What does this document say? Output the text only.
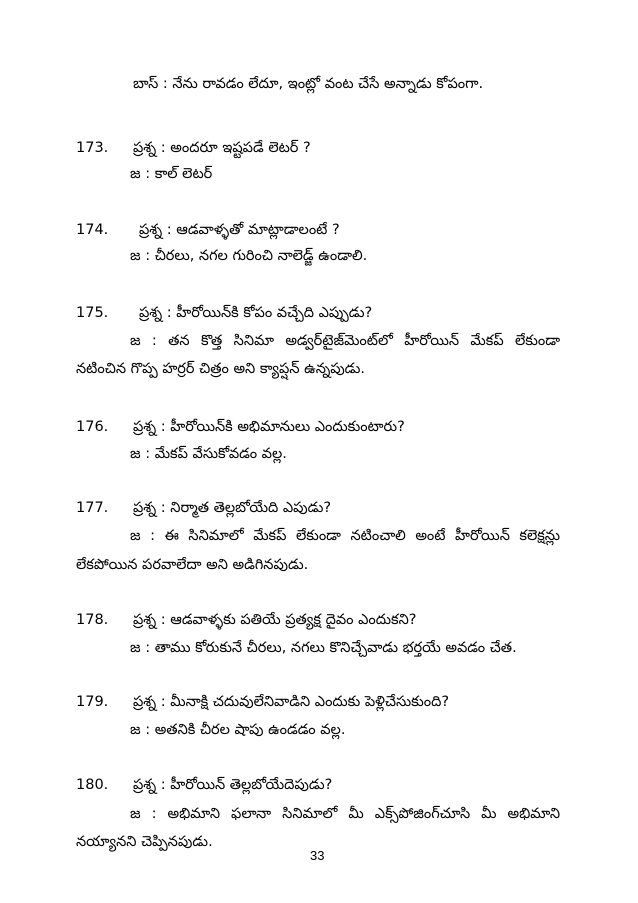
బాస్ : నేను రావడం లేదూ, ఇంట్లో వంట చేసే అన్నాడు కోపంగా.
173. ప్రశ్న : అందరూ ఇష్టపడే లెటర్ ?
జ : కాల్ లెటర్
174. ప్రశ్న : ఆడవాళ్ళతో మాట్లాడాలంటే ?
జ : చీరలు, నగల గురించి నాలెడ్జ్ ఉండాలి.
175. ప్రశ్న : హీరోయిన్‌కి కోపం వచ్చేది ఎప్పుడు?
జ : తన కొత్త సినిమా అడ్వర్‌టైజ్‌మెంట్‌లో హీరోయిన్ మేకప్ లేకుండా
నటించిన గొప్ప హర్రర్ చిత్రం అని క్యాప్షన్ ఉన్నపుడు.
176. ప్రశ్న : హీరోయిన్‌కి అభిమానులు ఎందుకుంటారు?
జ : మేకప్ వేసుకోవడం వల్ల.
177. ప్రశ్న : నిర్మాత తెల్లబోయేది ఎపుడు?
జ : ఈ సినిమాలో మేకప్ లేకుండా నటించాలి అంటే హీరోయిన్ కలెక్షన్లు
లేకపోయిన పరవాలేదా అని అడిగినపుడు.
178. ప్రశ్న : ఆడవాళ్ళకు పతియే ప్రత్యక్ష దైవం ఎందుకని?
జ : తాము కోరుకునే చీరలు, నగలు కొనిచ్చేవాడు భర్తయే అవడం చేత.
179. ప్రశ్న : మీనాక్షి చదువులేనివాడిని ఎందుకు పెళ్లిచేసుకుంది?
జ : అతనికి చీరల షాపు ఉండడం వల్ల.
180. ప్రశ్న : హీరోయిన్ తెల్లబోయేదెపుడు?
జ : అభిమాని ఫలానా సినిమాలో మీ ఎక్స్‌పోజింగ్‌చూసి మీ అభిమాని
నయ్యానని చెప్పినపుడు.
33
